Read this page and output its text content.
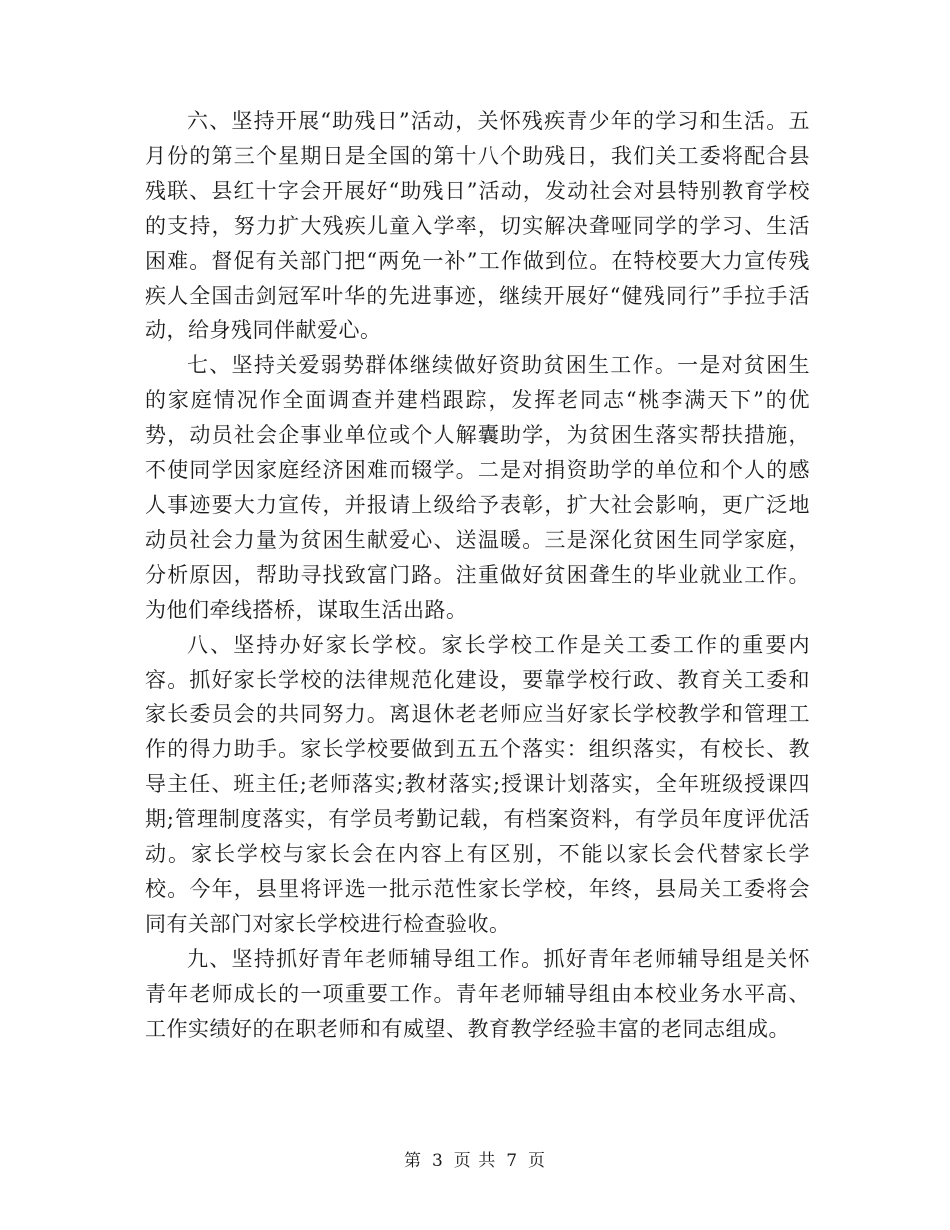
六、坚持开展“助残日”活动，关怀残疾青少年的学习和生活。五月份的第三个星期日是全国的第十八个助残日，我们关工委将配合县残联、县红十字会开展好“助残日”活动，发动社会对县特别教育学校的支持，努力扩大残疾儿童入学率，切实解决聋哑同学的学习、生活困难。督促有关部门把“两免一补”工作做到位。在特校要大力宣传残疾人全国击剑冠军叶华的先进事迹，继续开展好“健残同行”手拉手活动，给身残同伴献爱心。

七、坚持关爱弱势群体继续做好资助贫困生工作。一是对贫困生的家庭情况作全面调查并建档跟踪，发挥老同志“桃李满天下”的优势，动员社会企事业单位或个人解囊助学，为贫困生落实帮扶措施，不使同学因家庭经济困难而辍学。二是对捐资助学的单位和个人的感人事迹要大力宣传，并报请上级给予表彰，扩大社会影响，更广泛地动员社会力量为贫困生献爱心、送温暖。三是深化贫困生同学家庭，分析原因，帮助寻找致富门路。注重做好贫困聋生的毕业就业工作。为他们牵线搭桥，谋取生活出路。

八、坚持办好家长学校。家长学校工作是关工委工作的重要内容。抓好家长学校的法律规范化建设，要靠学校行政、教育关工委和家长委员会的共同努力。离退休老老师应当好家长学校教学和管理工作的得力助手。家长学校要做到五五个落实：组织落实，有校长、教导主任、班主任;老师落实;教材落实;授课计划落实，全年班级授课四期;管理制度落实，有学员考勤记载，有档案资料，有学员年度评优活动。家长学校与家长会在内容上有区别，不能以家长会代替家长学校。今年，县里将评选一批示范性家长学校，年终，县局关工委将会同有关部门对家长学校进行检查验收。

九、坚持抓好青年老师辅导组工作。抓好青年老师辅导组是关怀青年老师成长的一项重要工作。青年老师辅导组由本校业务水平高、工作实绩好的在职老师和有威望、教育教学经验丰富的老同志组成。

第 3 页 共 7 页
